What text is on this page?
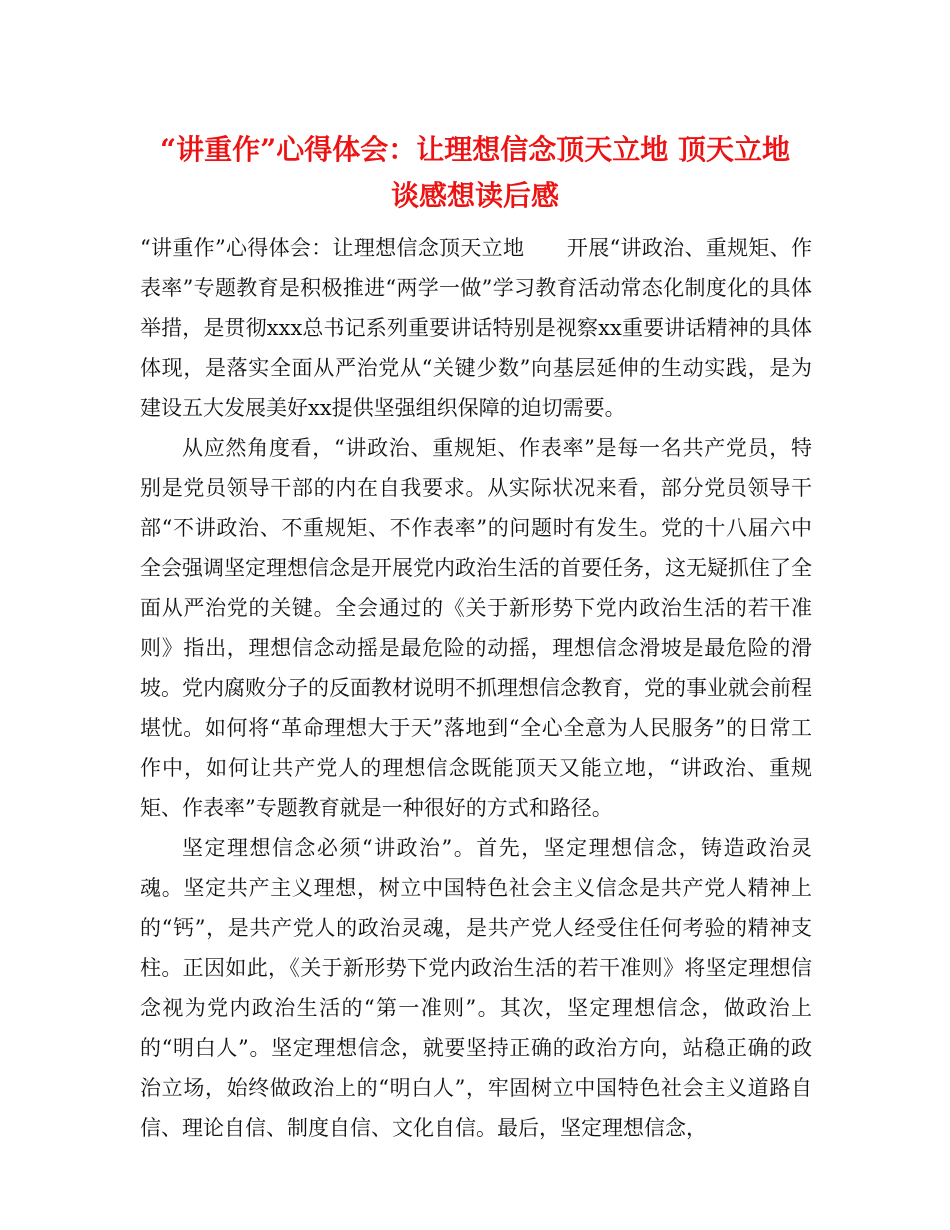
“讲重作”心得体会：让理想信念顶天立地 顶天立地
谈感想读后感

“讲重作”心得体会：让理想信念顶天立地　　开展“讲政治、重规矩、作表率”专题教育是积极推进“两学一做”学习教育活动常态化制度化的具体举措，是贯彻xxx总书记系列重要讲话特别是视察xx重要讲话精神的具体体现，是落实全面从严治党从“关键少数”向基层延伸的生动实践，是为建设五大发展美好xx提供坚强组织保障的迫切需要。

从应然角度看，“讲政治、重规矩、作表率”是每一名共产党员，特别是党员领导干部的内在自我要求。从实际状况来看，部分党员领导干部“不讲政治、不重规矩、不作表率”的问题时有发生。党的十八届六中全会强调坚定理想信念是开展党内政治生活的首要任务，这无疑抓住了全面从严治党的关键。全会通过的《关于新形势下党内政治生活的若干准则》指出，理想信念动摇是最危险的动摇，理想信念滑坡是最危险的滑坡。党内腐败分子的反面教材说明不抓理想信念教育，党的事业就会前程堪忧。如何将“革命理想大于天”落地到“全心全意为人民服务”的日常工作中，如何让共产党人的理想信念既能顶天又能立地，“讲政治、重规矩、作表率”专题教育就是一种很好的方式和路径。

坚定理想信念必须“讲政治”。首先，坚定理想信念，铸造政治灵魂。坚定共产主义理想，树立中国特色社会主义信念是共产党人精神上的“钙”，是共产党人的政治灵魂，是共产党人经受住任何考验的精神支柱。正因如此，《关于新形势下党内政治生活的若干准则》将坚定理想信念视为党内政治生活的“第一准则”。其次，坚定理想信念，做政治上的“明白人”。坚定理想信念，就要坚持正确的政治方向，站稳正确的政治立场，始终做政治上的“明白人”，牢固树立中国特色社会主义道路自信、理论自信、制度自信、文化自信。最后，坚定理想信念，
